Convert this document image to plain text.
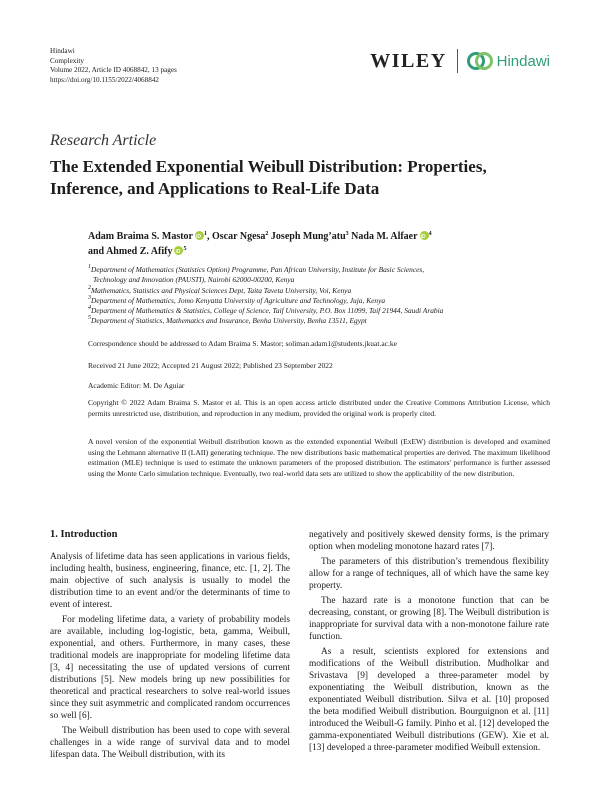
Hindawi
Complexity
Volume 2022, Article ID 4068842, 13 pages
https://doi.org/10.1155/2022/4068842
WILEY	Hindawi
Research Article
The Extended Exponential Weibull Distribution: Properties, Inference, and Applications to Real-Life Data
Adam Braima S. Mastor iD $^1$, Oscar Ngesa$^2$ Joseph Mung’atu$^3$ Nada M. Alfaer iD $^4$
and Ahmed Z. Afify iD $^5$
$^1$Department of Mathematics (Statistics Option) Programme, Pan African University, Institute for Basic Sciences,
Technology and Innovation (PAUSTI), Nairobi 62000-00200, Kenya
$^2$Mathematics, Statistics and Physical Sciences Dept, Taita Taveta University, Voi, Kenya
$^3$Department of Mathematics, Jomo Kenyatta University of Agriculture and Technology, Juja, Kenya
$^4$Department of Mathematics & Statistics, College of Science, Taif University, P.O. Box 11099, Taif 21944, Saudi Arabia
$^5$Department of Statistics, Mathematics and Insurance, Benha University, Benha 13511, Egypt
Correspondence should be addressed to Adam Braima S. Mastor; soliman.adam1@students.jkuat.ac.ke
Received 21 June 2022; Accepted 21 August 2022; Published 23 September 2022
Academic Editor: M. De Aguiar
Copyright © 2022 Adam Braima S. Mastor et al. This is an open access article distributed under the Creative Commons Attribution License, which permits unrestricted use, distribution, and reproduction in any medium, provided the original work is properly cited.
A novel version of the exponential Weibull distribution known as the extended exponential Weibull (ExEW) distribution is developed and examined using the Lehmann alternative II (LAII) generating technique. The new distributions basic mathematical properties are derived. The maximum likelihood estimation (MLE) technique is used to estimate the unknown parameters of the proposed distribution. The estimators' performance is further assessed using the Monte Carlo simulation technique. Eventually, two real-world data sets are utilized to show the applicability of the new distribution.
1. Introduction

Analysis of lifetime data has seen applications in various fields, including health, business, engineering, finance, etc. [1, 2]. The main objective of such analysis is usually to model the distribution time to an event and/or the determinants of time to event of interest.

For modeling lifetime data, a variety of probability models are available, including log-logistic, beta, gamma, Weibull, exponential, and others. Furthermore, in many cases, these traditional models are inappropriate for modeling lifetime data [3, 4] necessitating the use of updated versions of current distributions [5]. New models bring up new possibilities for theoretical and practical researchers to solve real-world issues since they suit asymmetric and complicated random occurrences so well [6].

The Weibull distribution has been used to cope with several challenges in a wide range of survival data and to model lifespan data. The Weibull distribution, with its

negatively and positively skewed density forms, is the primary option when modeling monotone hazard rates [7].

The parameters of this distribution’s tremendous flexibility allow for a range of techniques, all of which have the same key property.

The hazard rate is a monotone function that can be decreasing, constant, or growing [8]. The Weibull distribution is inappropriate for survival data with a non-monotone failure rate function.

As a result, scientists explored for extensions and modifications of the Weibull distribution. Mudholkar and Srivastava [9] developed a three-parameter model by exponentiating the Weibull distribution, known as the exponentiated Weibull distribution. Silva et al. [10] proposed the beta modified Weibull distribution. Bourguignon et al. [11] introduced the Weibull-G family. Pinho et al. [12] developed the gamma-exponentiated Weibull distributions (GEW). Xie et al. [13] developed a three-parameter modified Weibull extension.
